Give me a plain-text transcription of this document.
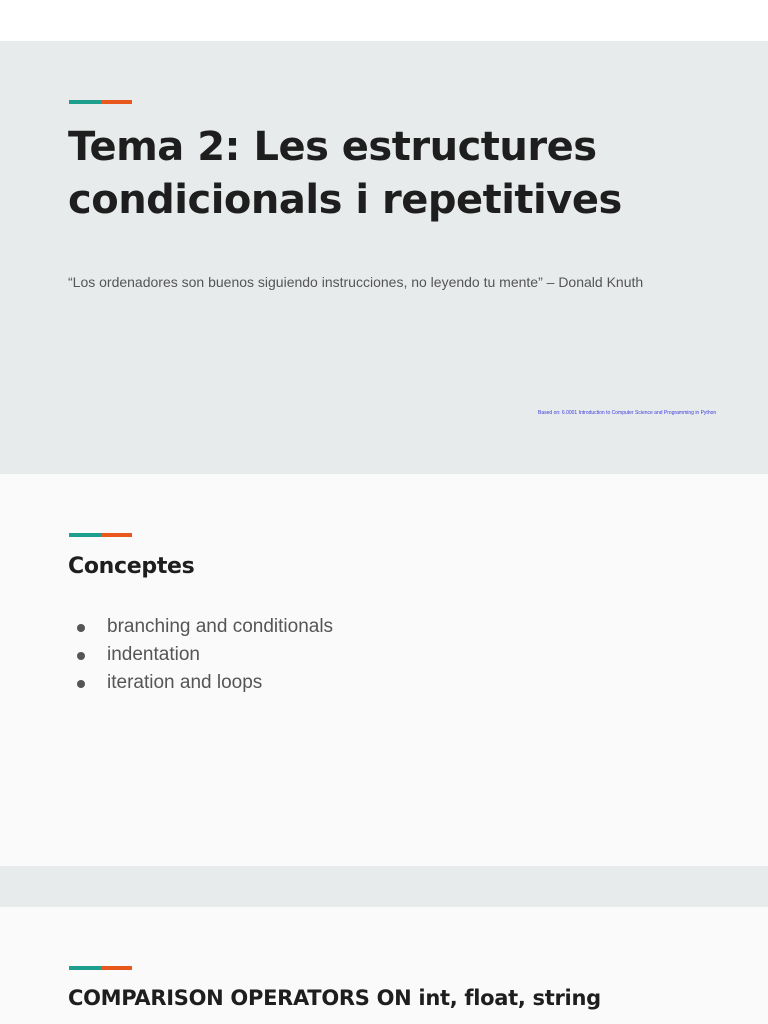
Tema 2: Les estructures condicionals i repetitives

“Los ordenadores son buenos siguiendo instrucciones, no leyendo tu mente” – Donald Knuth

Based on: 6.0001 Introduction to Computer Science and Programming in Python

Conceptes
branching and conditionals
indentation
iteration and loops
COMPARISON OPERATORS ON int, float, string
